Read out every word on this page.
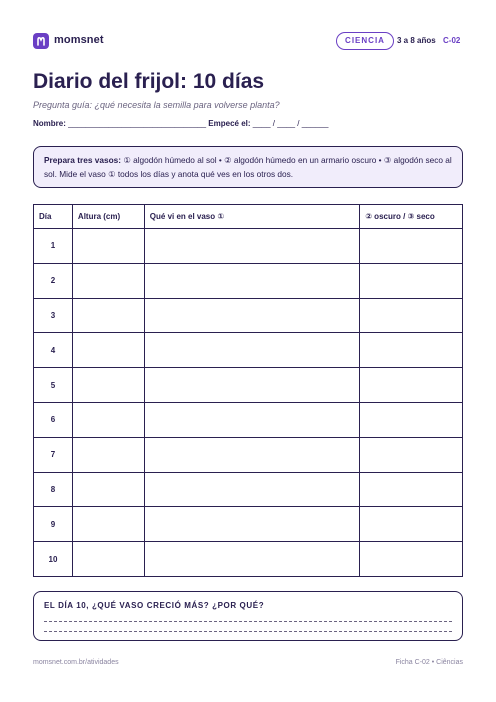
momsnet	CIENCIA	3 a 8 años C-02
Diario del frijol: 10 días
Pregunta guía: ¿qué necesita la semilla para volverse planta?
Nombre: _______________________________ Empecé el: ____ / ____ / ______
Prepara tres vasos: ① algodón húmedo al sol • ② algodón húmedo en un armario oscuro • ③ algodón seco al sol. Mide el vaso ① todos los días y anota qué ves en los otros dos.
Día	Altura (cm)	Qué vi en el vaso ①	② oscuro / ③ seco
1			
2			
3			
4			
5			
6			
7			
8			
9			
10			
EL DÍA 10, ¿QUÉ VASO CRECIÓ MÁS? ¿POR QUÉ?
momsnet.com.br/atividades	Ficha C-02 • Ciências
